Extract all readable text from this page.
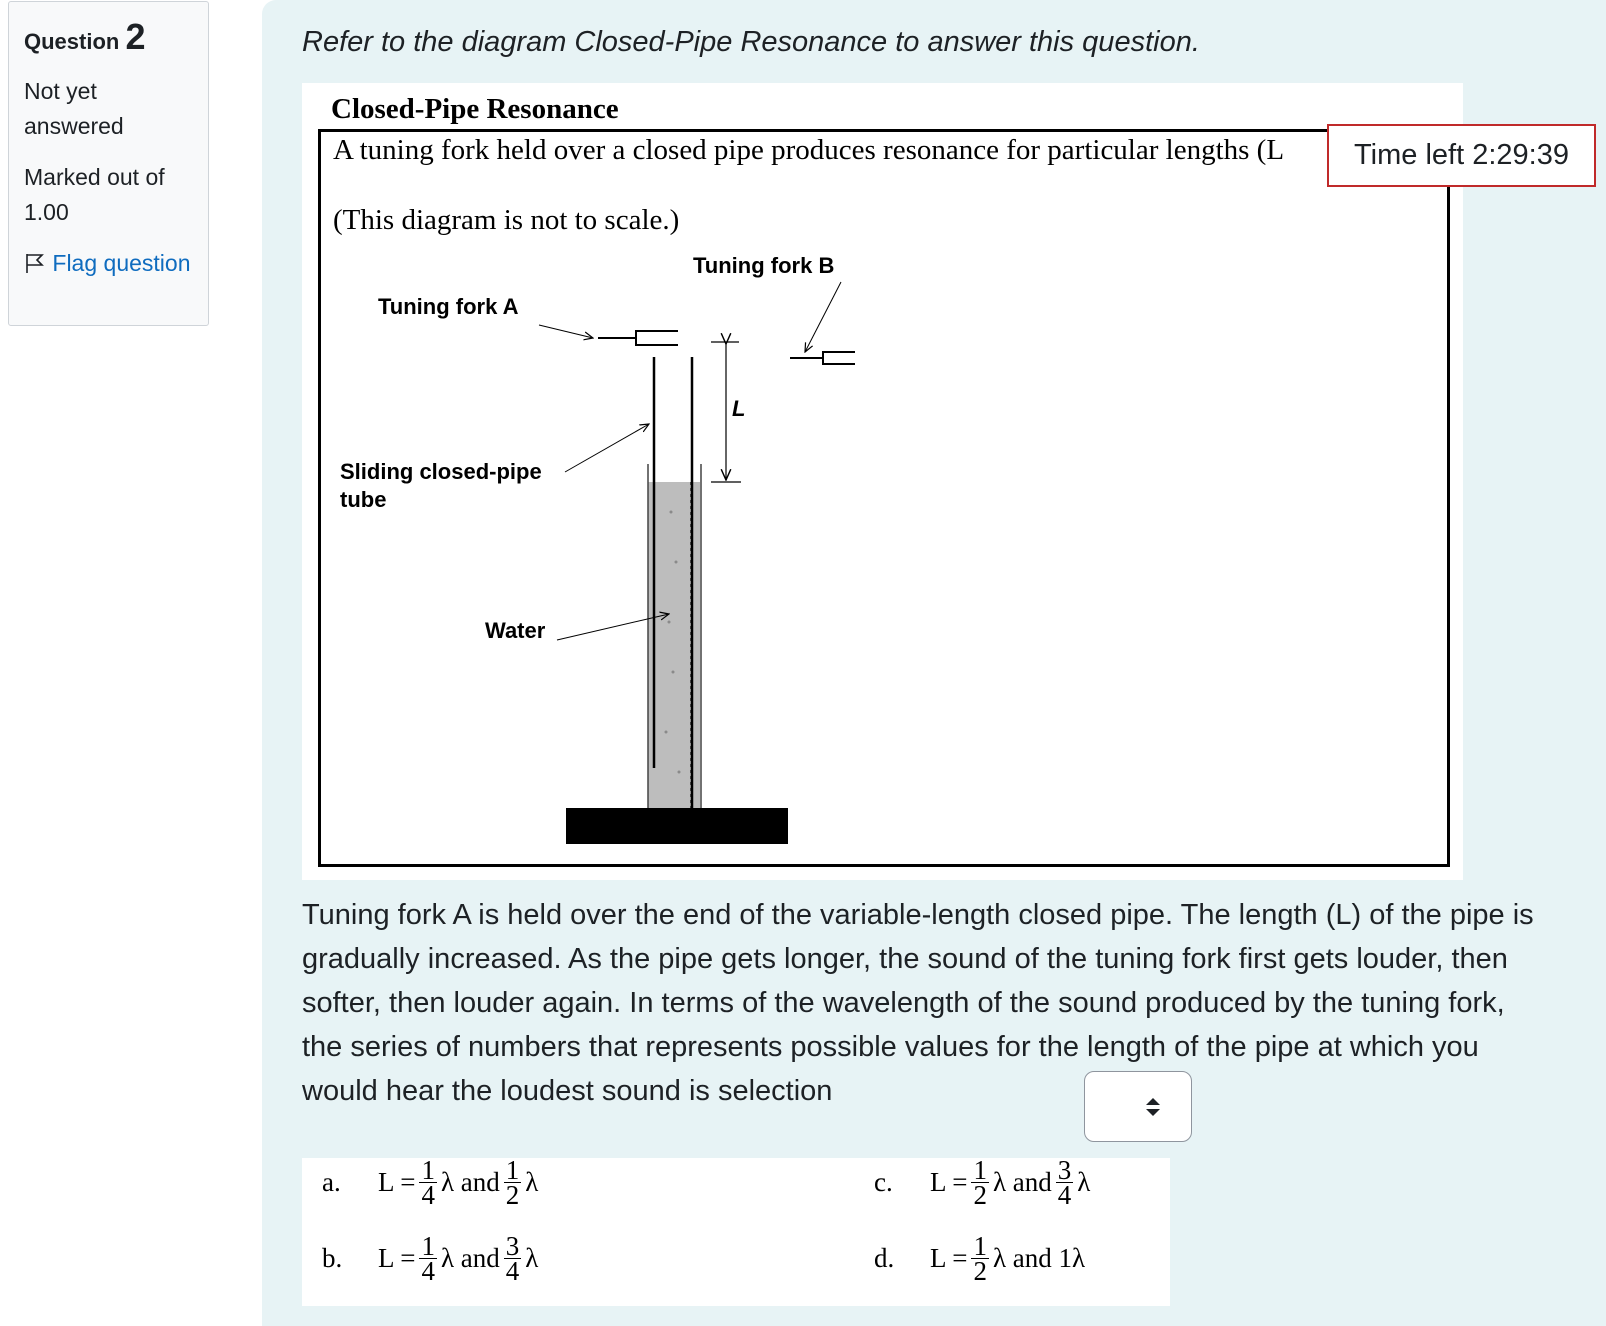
Question 2

Not yet answered

Marked out of 1.00

Flag question

Refer to the diagram Closed-Pipe Resonance to answer this question.

Closed-Pipe Resonance

A tuning fork held over a closed pipe produces resonance for particular lengths (L

(This diagram is not to scale.)

Tuning fork A
Tuning fork B
L
Sliding closed-pipe
tube
Water

Tuning fork A is held over the end of the variable-length closed pipe. The length (L) of the pipe is gradually increased. As the pipe gets longer, the sound of the tuning fork first gets louder, then softer, then louder again. In terms of the wavelength of the sound produced by the tuning fork, the series of numbers that represents possible values for the length of the pipe at which you would hear the loudest sound is selection

a.	$L = \frac{1}{4}$ λ and $\frac{1}{2}$ λ
b.	$L = \frac{1}{4}$ λ and $\frac{3}{4}$ λ
c.	$L = \frac{1}{2}$ λ and $\frac{3}{4}$ λ
d.	$L = \frac{1}{2}$ λ and 1λ
Time left 2:29:39
